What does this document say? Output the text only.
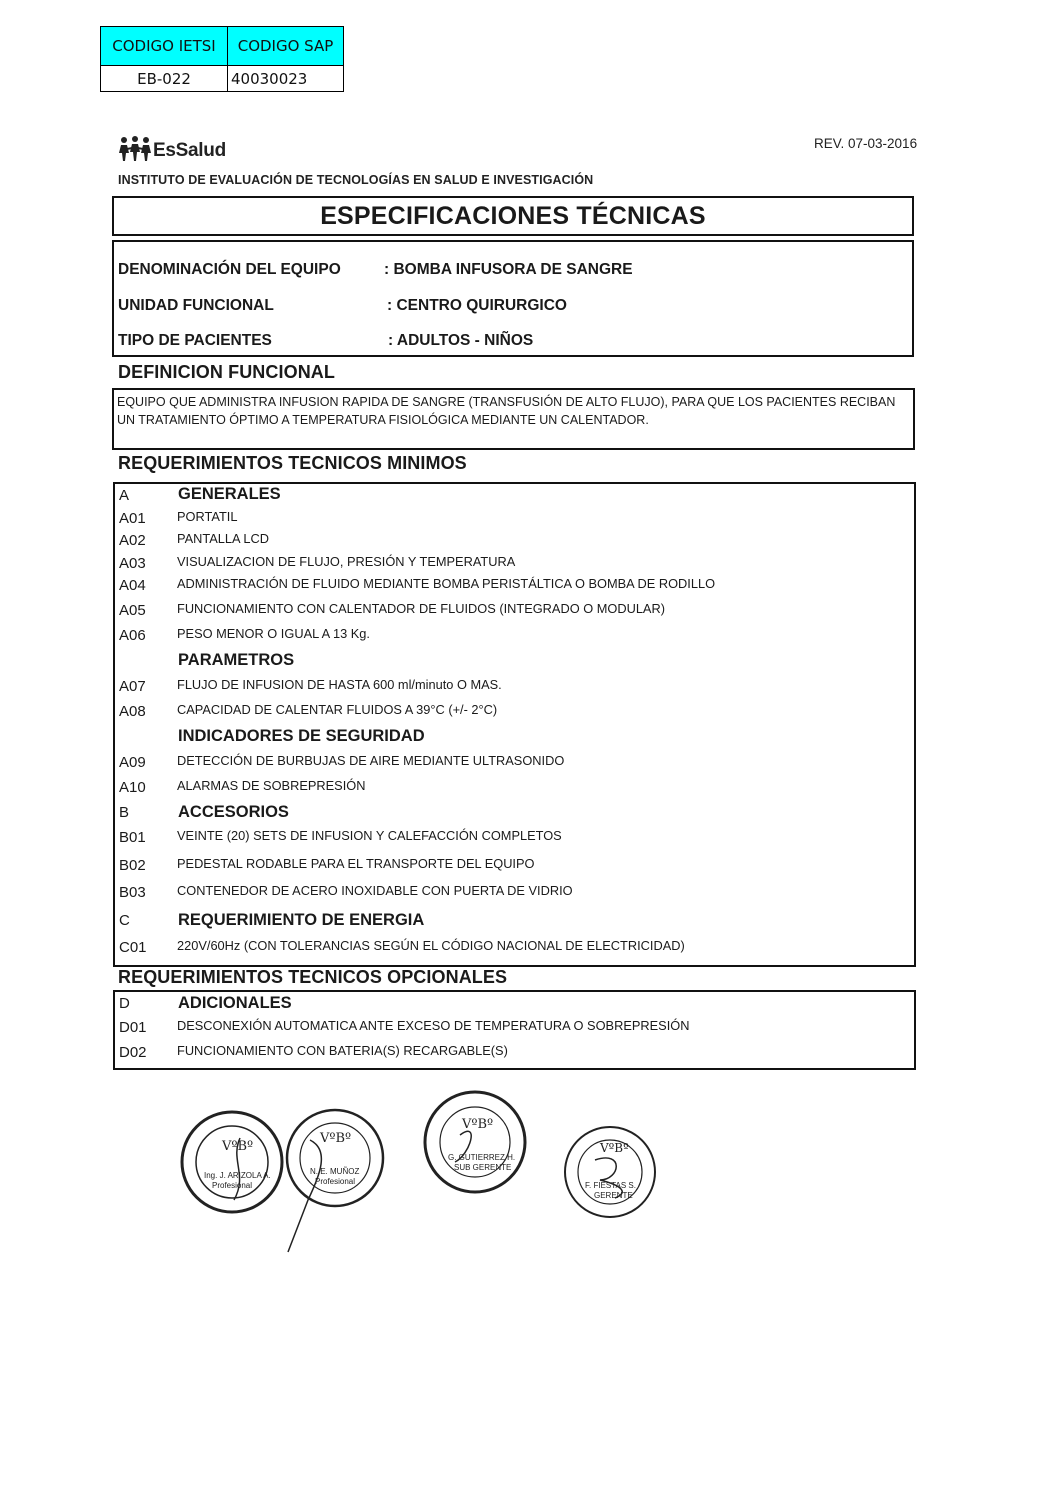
CODIGO IETSI	CODIGO SAP
EB-022	40030023
EsSalud	REV. 07-03-2016
INSTITUTO DE EVALUACIÓN DE TECNOLOGÍAS EN SALUD E INVESTIGACIÓN
ESPECIFICACIONES TÉCNICAS
DENOMINACIÓN DEL EQUIPO	: BOMBA INFUSORA DE SANGRE
UNIDAD FUNCIONAL	: CENTRO QUIRURGICO
TIPO DE PACIENTES	: ADULTOS - NIÑOS
DEFINICION FUNCIONAL
EQUIPO QUE ADMINISTRA INFUSION RAPIDA DE SANGRE (TRANSFUSIÓN DE ALTO FLUJO), PARA QUE LOS PACIENTES RECIBAN UN TRATAMIENTO ÓPTIMO A TEMPERATURA FISIOLÓGICA MEDIANTE UN CALENTADOR.
REQUERIMIENTOS TECNICOS MINIMOS
A	GENERALES
A01 PORTATIL
A02 PANTALLA LCD
A03 VISUALIZACION DE FLUJO, PRESIÓN Y TEMPERATURA
A04 ADMINISTRACIÓN DE FLUIDO MEDIANTE BOMBA PERISTÁLTICA O BOMBA DE RODILLO
A05 FUNCIONAMIENTO CON CALENTADOR DE FLUIDOS (INTEGRADO O MODULAR)
A06 PESO MENOR O IGUAL A 13 Kg.
PARAMETROS
A07 FLUJO DE INFUSION DE HASTA 600 ml/minuto O MAS.
A08 CAPACIDAD DE CALENTAR FLUIDOS A 39°C (+/- 2°C)
INDICADORES DE SEGURIDAD
A09 DETECCIÓN DE BURBUJAS DE AIRE MEDIANTE ULTRASONIDO
A10 ALARMAS DE SOBREPRESIÓN
B	ACCESORIOS
B01 VEINTE (20) SETS DE INFUSION Y CALEFACCIÓN COMPLETOS
B02 PEDESTAL RODABLE PARA EL TRANSPORTE DEL EQUIPO
B03 CONTENEDOR DE ACERO INOXIDABLE CON PUERTA DE VIDRIO
C	REQUERIMIENTO DE ENERGIA
C01 220V/60Hz (CON TOLERANCIAS SEGÚN EL CÓDIGO NACIONAL DE ELECTRICIDAD)
REQUERIMIENTOS TECNICOS OPCIONALES
D	ADICIONALES
D01 DESCONEXIÓN AUTOMATICA ANTE EXCESO DE TEMPERATURA O SOBREPRESIÓN
D02 FUNCIONAMIENTO CON BATERIA(S) RECARGABLE(S)
VºBº
Ing. J. ARIZOLA A.
Profesional
VºBº
N. E. MUÑOZ
Profesional
VºBº
G. GUTIERREZ H.
SUB GERENTE
VºBº
F. FIESTAS S.
GERENTE
